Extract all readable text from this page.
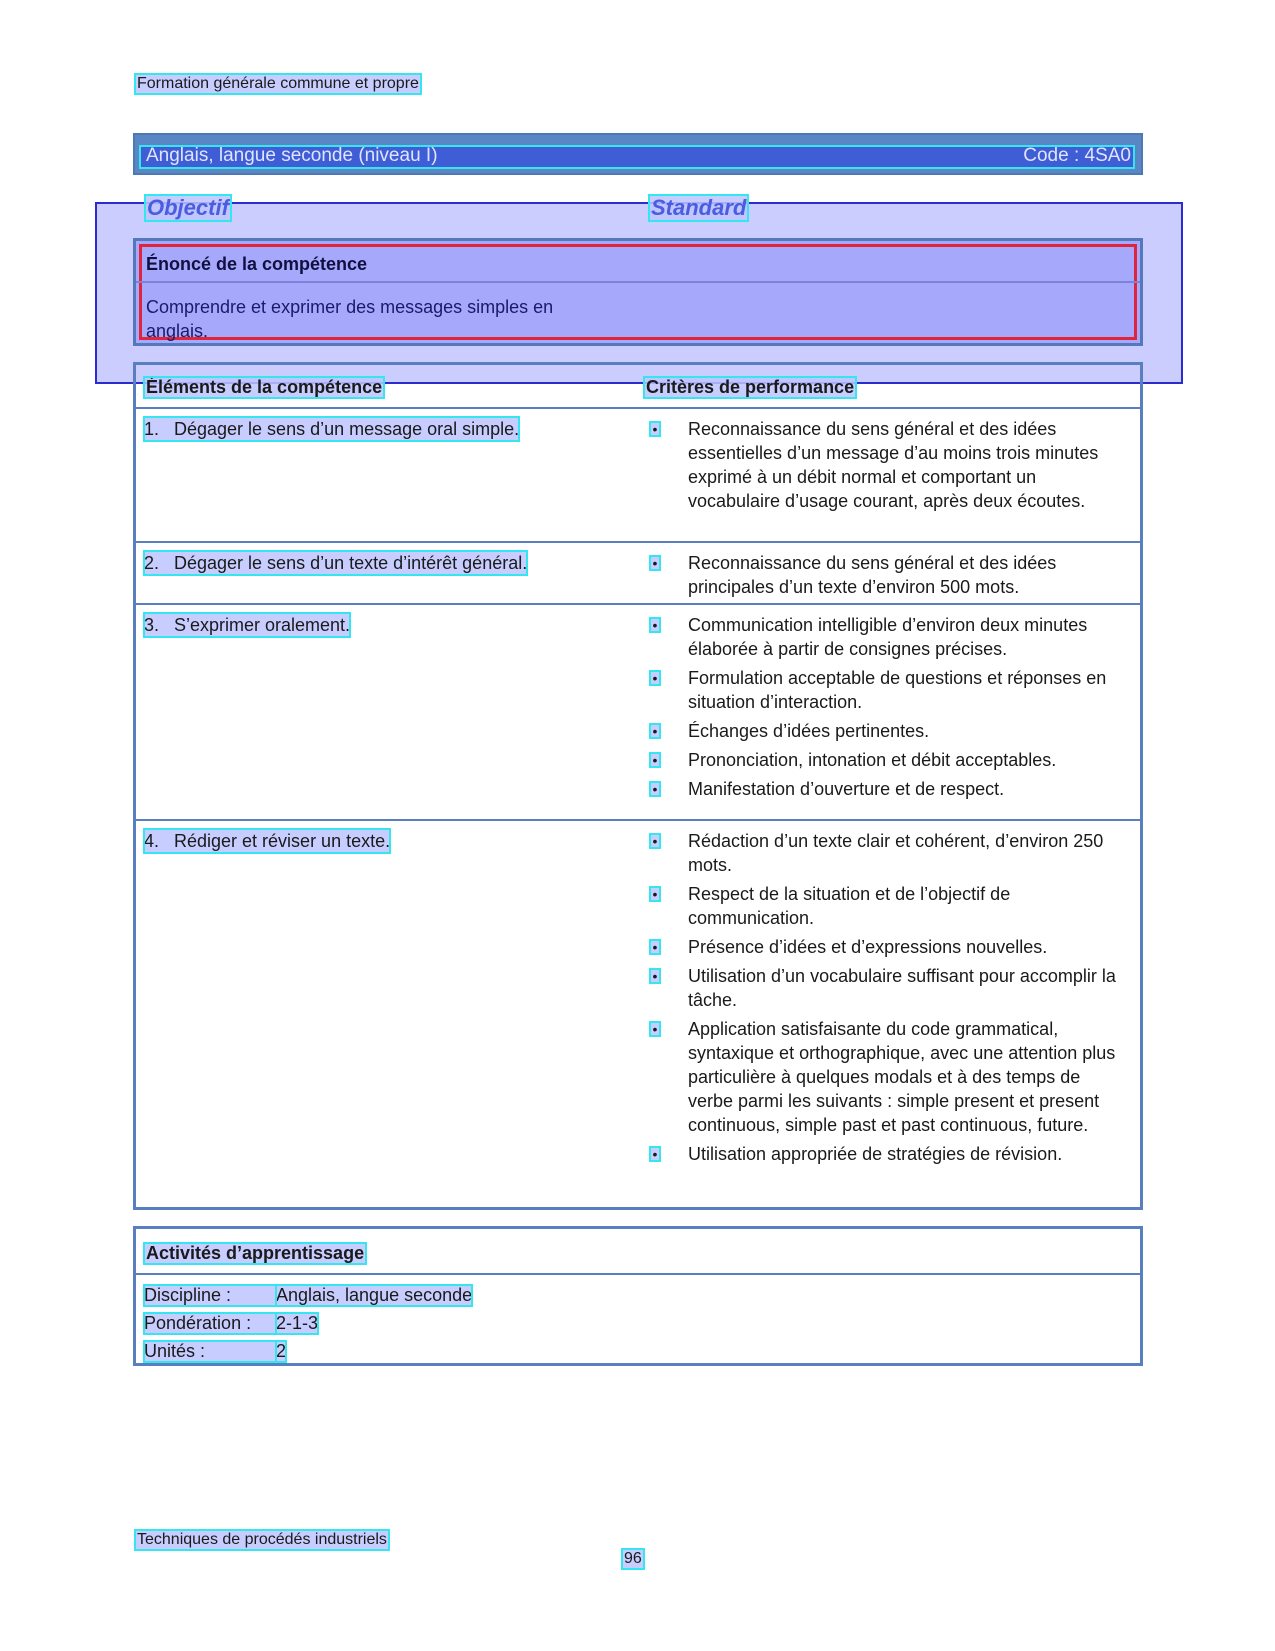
Formation générale commune et propre
Anglais, langue seconde (niveau I)	Code : 4SA0
Objectif	Standard
Énoncé de la compétence
Comprendre et exprimer des messages simples en anglais.
Éléments de la compétence	Critères de performance
1. Dégager le sens d’un message oral simple.	• Reconnaissance du sens général et des idées essentielles d’un message d’au moins trois minutes exprimé à un débit normal et comportant un vocabulaire d’usage courant, après deux écoutes.
2. Dégager le sens d’un texte d’intérêt général.	• Reconnaissance du sens général et des idées principales d’un texte d’environ 500 mots.
3. S’exprimer oralement.	• Communication intelligible d’environ deux minutes élaborée à partir de consignes précises.
• Formulation acceptable de questions et réponses en situation d’interaction.
• Échanges d’idées pertinentes.
• Prononciation, intonation et débit acceptables.
• Manifestation d’ouverture et de respect.
4. Rédiger et réviser un texte.	• Rédaction d’un texte clair et cohérent, d’environ 250 mots.
• Respect de la situation et de l’objectif de communication.
• Présence d’idées et d’expressions nouvelles.
• Utilisation d’un vocabulaire suffisant pour accomplir la tâche.
• Application satisfaisante du code grammatical, syntaxique et orthographique, avec une attention plus particulière à quelques modals et à des temps de verbe parmi les suivants : simple present et present continuous, simple past et past continuous, future.
• Utilisation appropriée de stratégies de révision.
Activités d’apprentissage
Discipline :	Anglais, langue seconde
Pondération :	2-1-3
Unités :	2
Techniques de procédés industriels
96
